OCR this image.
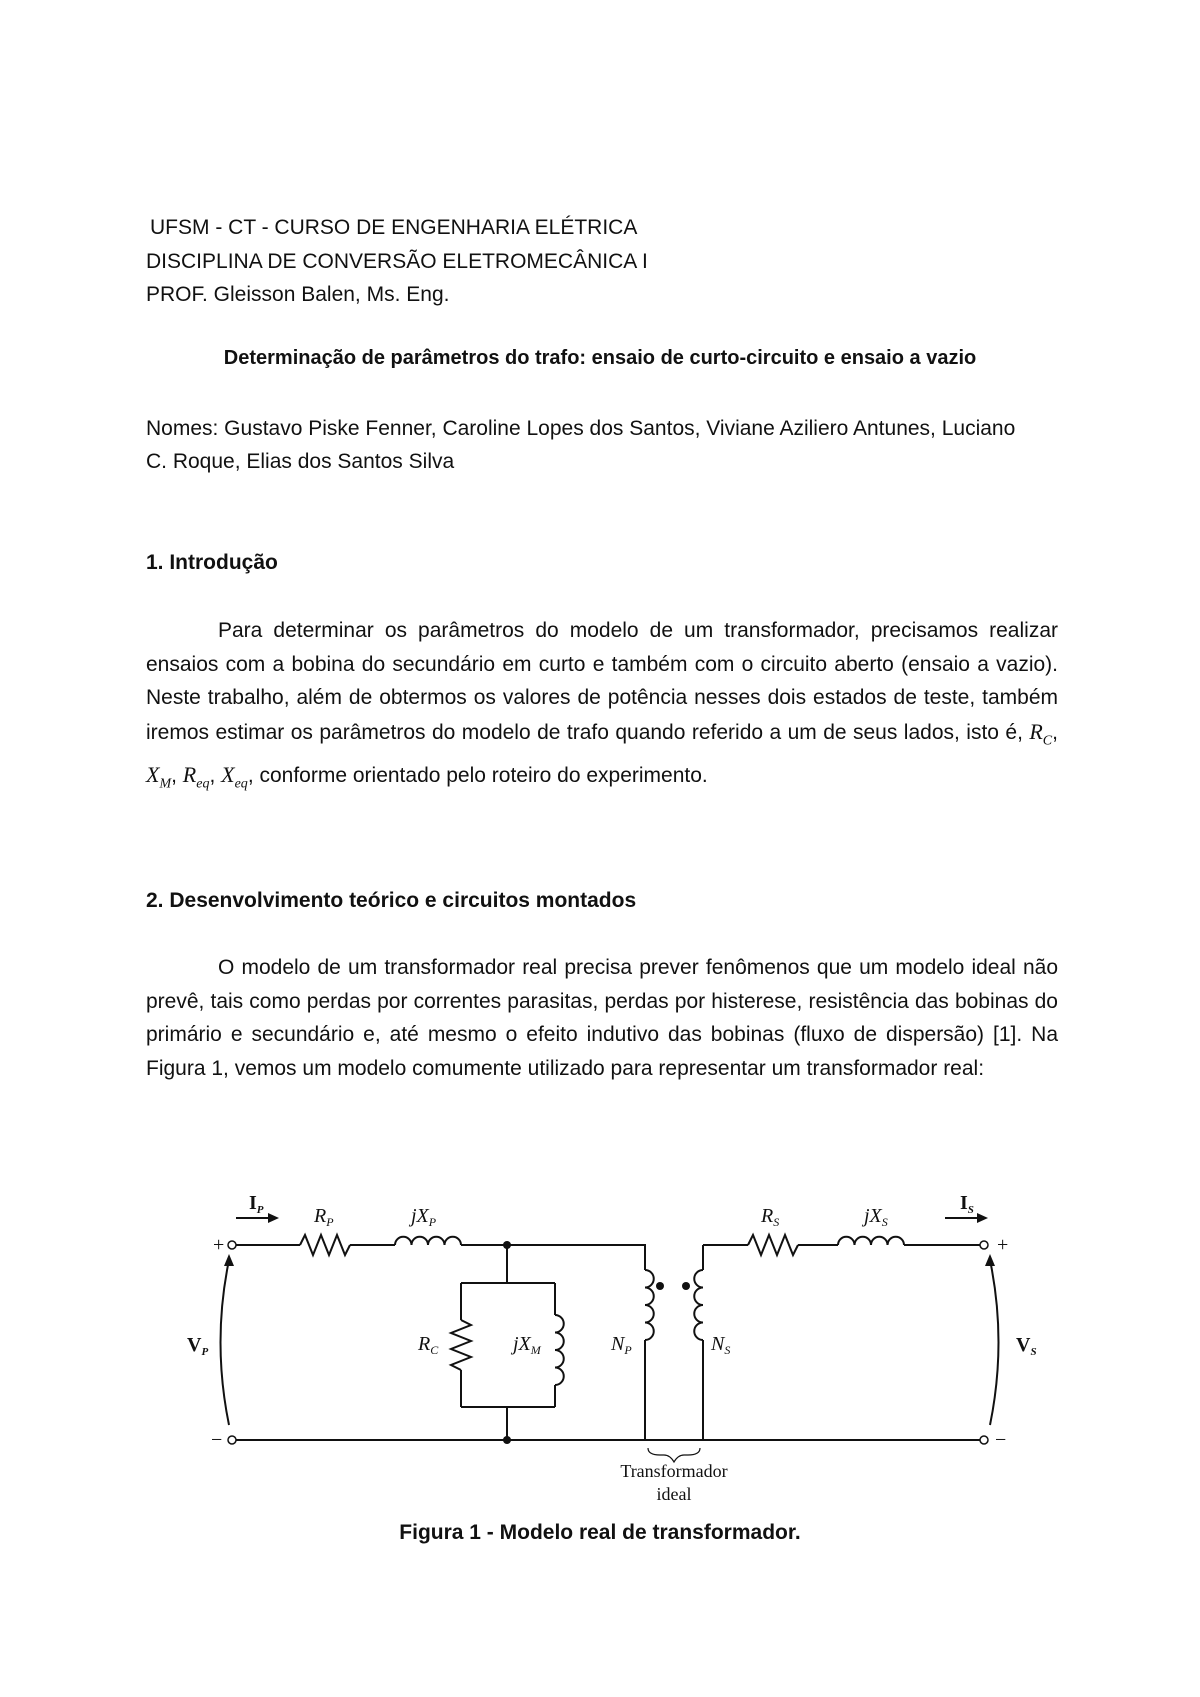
UFSM - CT - CURSO DE ENGENHARIA ELÉTRICA
DISCIPLINA DE CONVERSÃO ELETROMECÂNICA I
PROF. Gleisson Balen, Ms. Eng.
Determinação de parâmetros do trafo: ensaio de curto-circuito e ensaio a vazio
Nomes: Gustavo Piske Fenner, Caroline Lopes dos Santos, Viviane Aziliero Antunes, Luciano
C. Roque, Elias dos Santos Silva
1. Introdução

Para determinar os parâmetros do modelo de um transformador, precisamos realizar ensaios com a bobina do secundário em curto e também com o circuito aberto (ensaio a vazio). Neste trabalho, além de obtermos os valores de potência nesses dois estados de teste, também iremos estimar os parâmetros do modelo de trafo quando referido a um de seus lados, isto é, $R_C$, $X_M$, $R_{eq}$, $X_{eq}$, conforme orientado pelo roteiro do experimento.

2. Desenvolvimento teórico e circuitos montados

O modelo de um transformador real precisa prever fenômenos que um modelo ideal não prevê, tais como perdas por correntes parasitas, perdas por histerese, resistência das bobinas do primário e secundário e, até mesmo o efeito indutivo das bobinas (fluxo de dispersão) [1]. Na Figura 1, vemos um modelo comumente utilizado para representar um transformador real:

+
−
+
−
$I_P$	$I_S$
$R_P$	$jX_P$	$R_S$	$jX_S$
$R_C$	$jX_M$	$N_P$	$N_S$
$V_P$	$V_S$
Transformador
ideal
Figura 1 - Modelo real de transformador.
